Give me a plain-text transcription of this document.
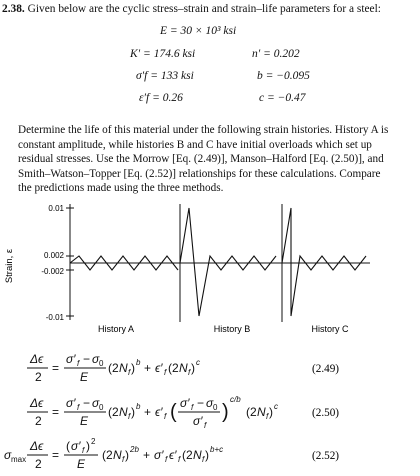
2.38. Given below are the cyclic stress–strain and strain–life parameters for a steel:
E = 30 × 10³ ksi
K′ = 174.6 ksi	n′ = 0.202
σ′f = 133 ksi	b = −0.095
ε′f = 0.26	c = −0.47
Determine the life of this material under the following strain histories. History A is
constant amplitude, while histories B and C have initial overloads which set up
residual stresses. Use the Morrow [Eq. (2.49)], Manson–Halford [Eq. (2.50)], and
Smith–Watson–Topper [Eq. (2.52)] relationships for these calculations. Compare
the predictions made using the three methods.
Strain, ε
0.01
0.002
-0.002
-0.01
History A	History B	History C
Δϵ
2
=
σ′ f − σ 0
E
(2 N f ) b + ϵ′ f (2 N f ) c
(2.49)
Δϵ
2
=
σ′ f − σ 0
E
(2 N f ) b + ϵ′ f ( σ′ f − σ 0
σ′ f
)
c/b
(2 N f ) c
(2.50)
σ max
Δϵ
2
=
( σ′ f ) 2
E
(2 N f ) 2b + σ′ f ϵ′ f (2 N f ) b+c
(2.52)
